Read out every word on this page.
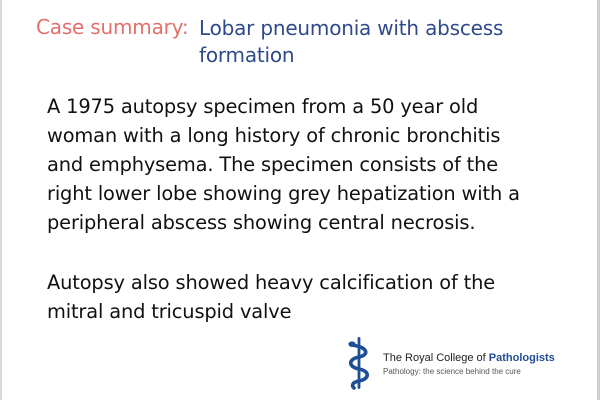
Case summary: Lobar pneumonia with abscess
formation
A 1975 autopsy specimen from a 50 year old
woman with a long history of chronic bronchitis
and emphysema. The specimen consists of the
right lower lobe showing grey hepatization with a
peripheral abscess showing central necrosis.
Autopsy also showed heavy calcification of the
mitral and tricuspid valve
The Royal College of Pathologists
Pathology: the science behind the cure
